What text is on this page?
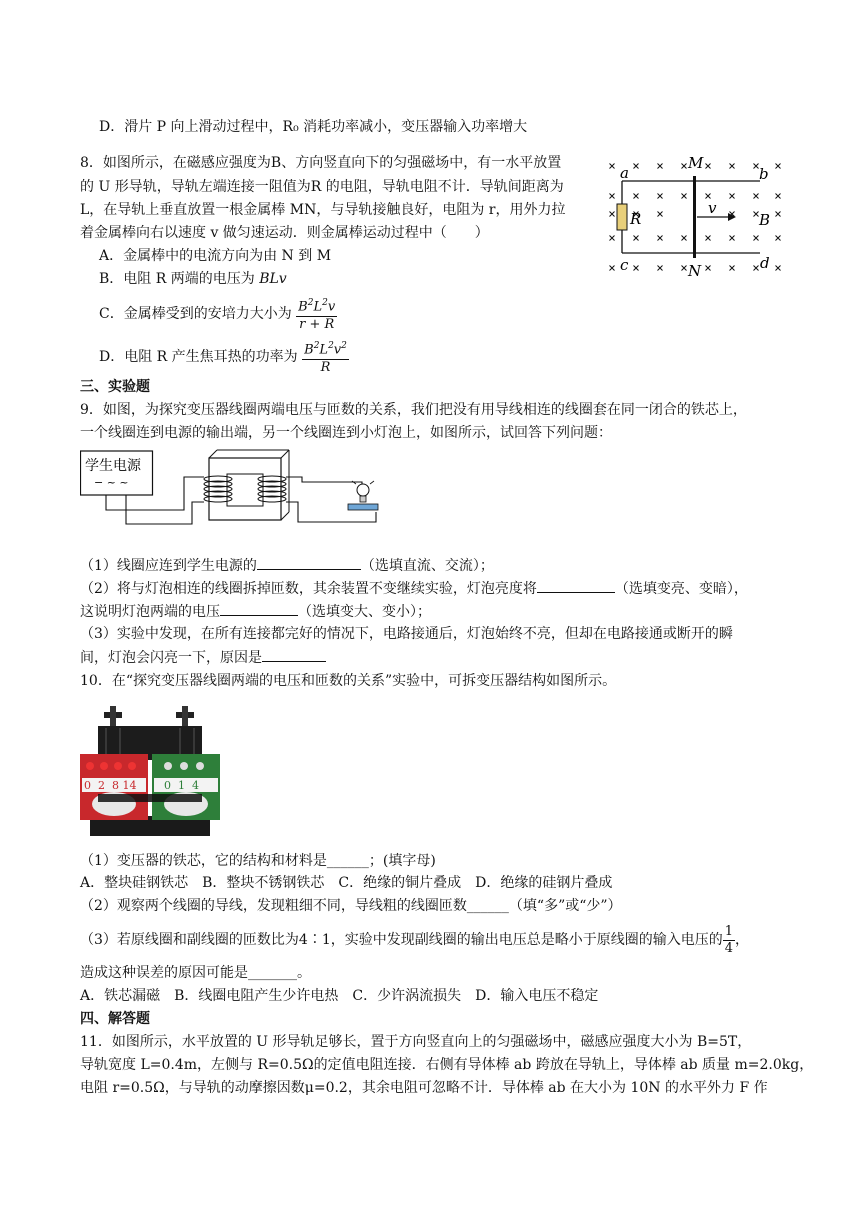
D．滑片 P 向上滑动过程中，R₀ 消耗功率减小，变压器输入功率增大
8．如图所示，在磁感应强度为B、方向竖直向下的匀强磁场中，有一水平放置
的 U 形导轨，导轨左端连接一阻值为R 的电阻，导轨电阻不计．导轨间距离为
L，在导轨上垂直放置一根金属棒 MN，与导轨接触良好，电阻为 r，用外力拉
着金属棒向右以速度 v 做匀速运动．则金属棒运动过程中（　　）
A．金属棒中的电流方向为由 N 到 M
B．电阻 R 两端的电压为 BLv
C．金属棒受到的安培力大小为 $\frac{B^2L^2v}{r + R}$
D．电阻 R 产生焦耳热的功率为 $\frac{B^2L^2v^2}{R}$
a
c
b
d
M
N
R
v
B
三、实验题
9．如图，为探究变压器线圈两端电压与匝数的关系，我们把没有用导线相连的线圈套在同一闭合的铁芯上，
一个线圈连到电源的输出端，另一个线圈连到小灯泡上，如图所示，试回答下列问题：
学生电源
− ~ ~
（1）线圈应连到学生电源的	（选填直流、交流）；
（2）将与灯泡相连的线圈拆掉匝数，其余装置不变继续实验，灯泡亮度将	（选填变亮、变暗），
这说明灯泡两端的电压	（选填变大、变小）；
（3）实验中发现，在所有连接都完好的情况下，电路接通后，灯泡始终不亮，但却在电路接通或断开的瞬
间，灯泡会闪亮一下，原因是
10．在“探究变压器线圈两端的电压和匝数的关系”实验中，可拆变压器结构如图所示。
0  2  8 14	0  1  4
（1）变压器的铁芯，它的结构和材料是______；(填字母)
A．整块硅钢铁芯　B．整块不锈钢铁芯　C．绝缘的铜片叠成　D．绝缘的硅钢片叠成
（2）观察两个线圈的导线，发现粗细不同，导线粗的线圈匝数______（填“多”或“少”）
（3）若原线圈和副线圈的匝数比为4∶1，实验中发现副线圈的输出电压总是略小于原线圈的输入电压的 $\frac{1}{4}$ ，
造成这种误差的原因可能是_______。
A．铁芯漏磁　B．线圈电阻产生少许电热　C．少许涡流损失　D．输入电压不稳定
四、解答题
11．如图所示，水平放置的 U 形导轨足够长，置于方向竖直向上的匀强磁场中，磁感应强度大小为 B=5T，
导轨宽度 L=0.4m，左侧与 R=0.5Ω的定值电阻连接．右侧有导体棒 ab 跨放在导轨上，导体棒 ab 质量 m=2.0kg，
电阻 r=0.5Ω，与导轨的动摩擦因数μ=0.2，其余电阻可忽略不计．导体棒 ab 在大小为 10N 的水平外力 F 作
